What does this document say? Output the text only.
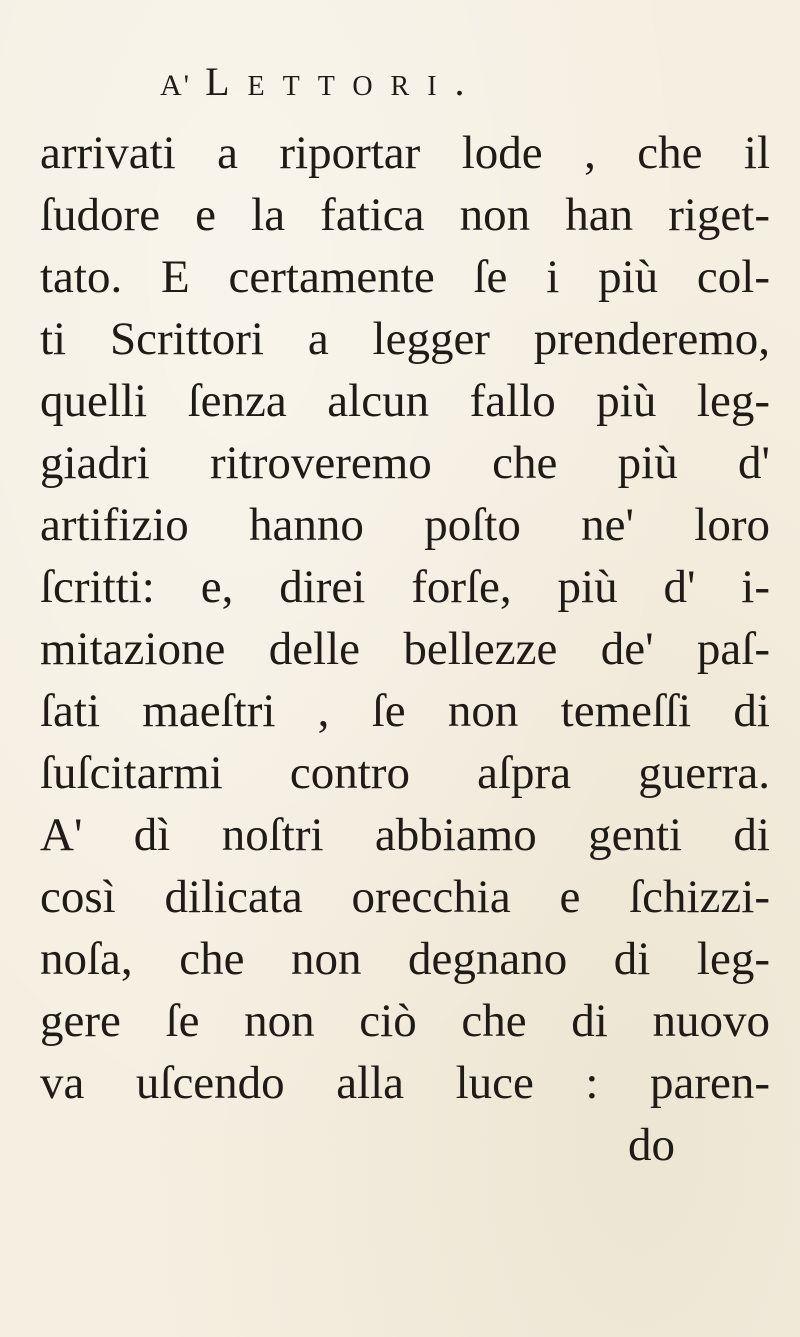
A' Lettori.
arrivati a riportar lode , che il
ſudore e la fatica non han riget-
tato. E certamente ſe i più col-
ti Scrittori a legger prenderemo,
quelli ſenza alcun fallo più leg-
giadri ritroveremo che più d'
artifizio hanno poſto ne' loro
ſcritti: e, direi forſe, più d' i-
mitazione delle bellezze de' paſ-
ſati maeſtri , ſe non temeſſi di
ſuſcitarmi contro aſpra guerra.
A' dì noſtri abbiamo genti di
così dilicata orecchia e ſchizzi-
noſa, che non degnano di leg-
gere ſe non ciò che di nuovo
va uſcendo alla luce : paren-
do
